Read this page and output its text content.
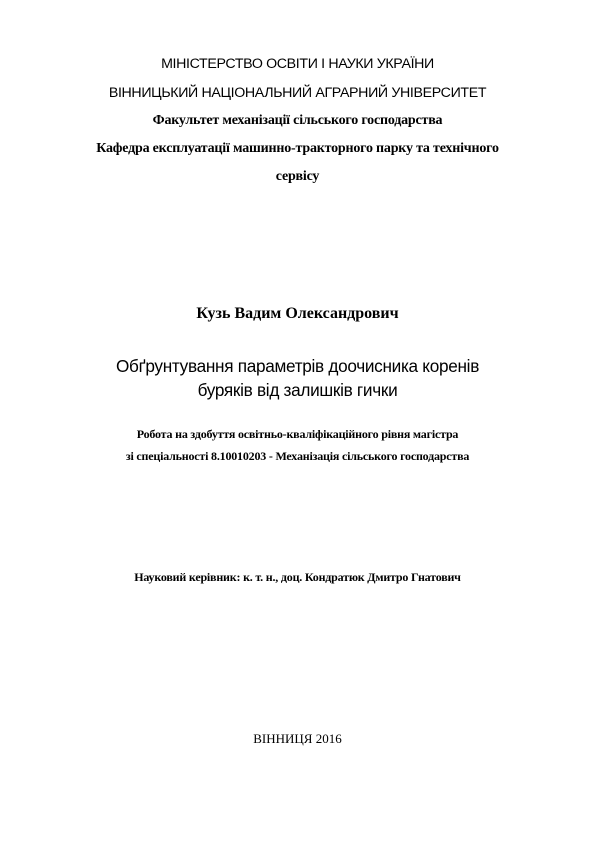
МІНІСТЕРСТВО ОСВІТИ І НАУКИ УКРАЇНИ
ВІННИЦЬКИЙ НАЦІОНАЛЬНИЙ АГРАРНИЙ УНІВЕРСИТЕТ
Факультет механізації сільського господарства
Кафедра експлуатації машинно-тракторного парку та технічного
сервісу
Кузь Вадим Олександрович
Обґрунтування параметрів доочисника коренів
буряків від залишків гички
Робота на здобуття освітньо-кваліфікаційного рівня магістра
зі спеціальності 8.10010203 - Механізація сільського господарства
Науковий керівник: к. т. н., доц. Кондратюк Дмитро Гнатович
ВІННИЦЯ 2016
